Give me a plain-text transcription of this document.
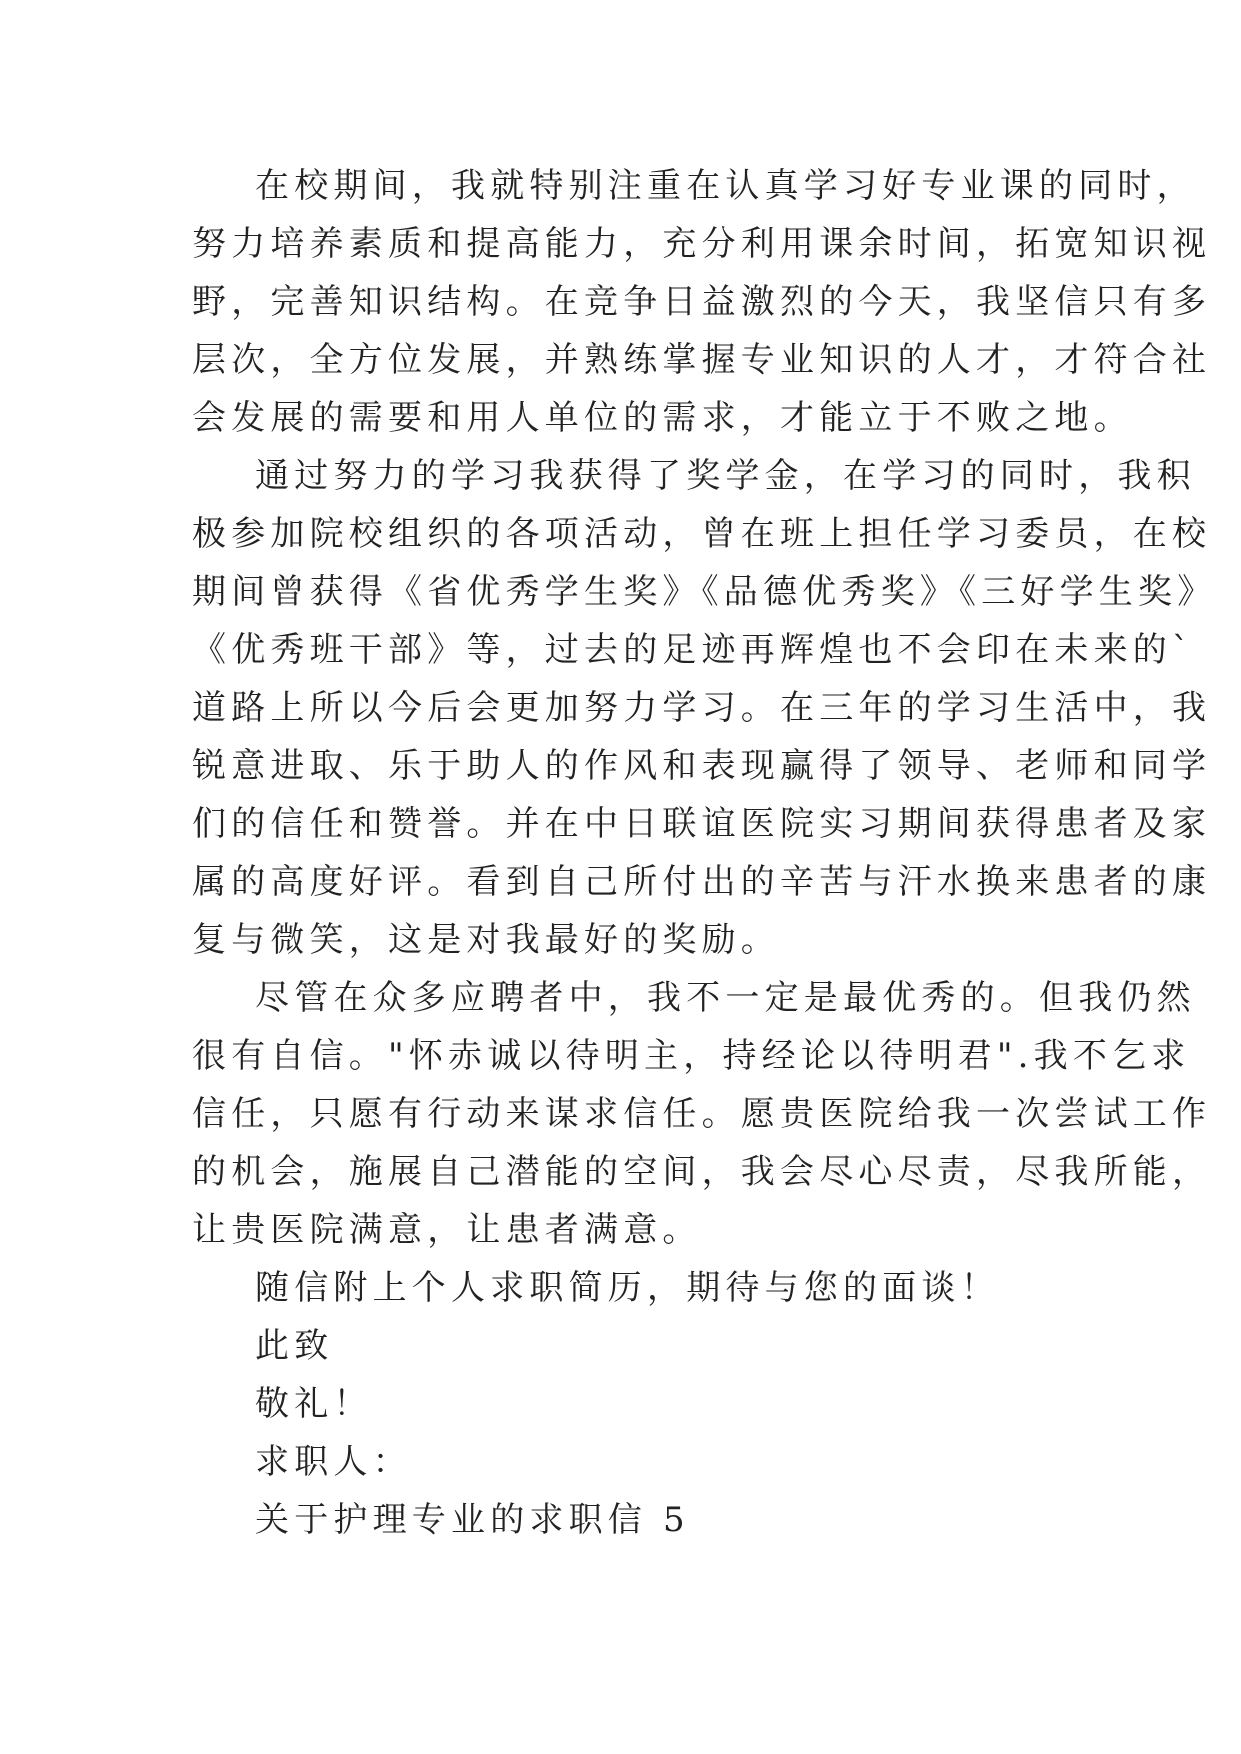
在校期间，我就特别注重在认真学习好专业课的同时，
努力培养素质和提高能力，充分利用课余时间，拓宽知识视
野，完善知识结构。在竞争日益激烈的今天，我坚信只有多
层次，全方位发展，并熟练掌握专业知识的人才，才符合社
会发展的需要和用人单位的需求，才能立于不败之地。
通过努力的学习我获得了奖学金，在学习的同时，我积
极参加院校组织的各项活动，曾在班上担任学习委员，在校
期间曾获得《省优秀学生奖》《品德优秀奖》《三好学生奖》
《优秀班干部》等，过去的足迹再辉煌也不会印在未来的`
道路上所以今后会更加努力学习。在三年的学习生活中，我
锐意进取、乐于助人的作风和表现赢得了领导、老师和同学
们的信任和赞誉。并在中日联谊医院实习期间获得患者及家
属的高度好评。看到自己所付出的辛苦与汗水换来患者的康
复与微笑，这是对我最好的奖励。
尽管在众多应聘者中，我不一定是最优秀的。但我仍然
很有自信。"怀赤诚以待明主，持经论以待明君".我不乞求
信任，只愿有行动来谋求信任。愿贵医院给我一次尝试工作
的机会，施展自己潜能的空间，我会尽心尽责，尽我所能，
让贵医院满意，让患者满意。
随信附上个人求职简历，期待与您的面谈！
此致
敬礼！
求职人：
关于护理专业的求职信 5
